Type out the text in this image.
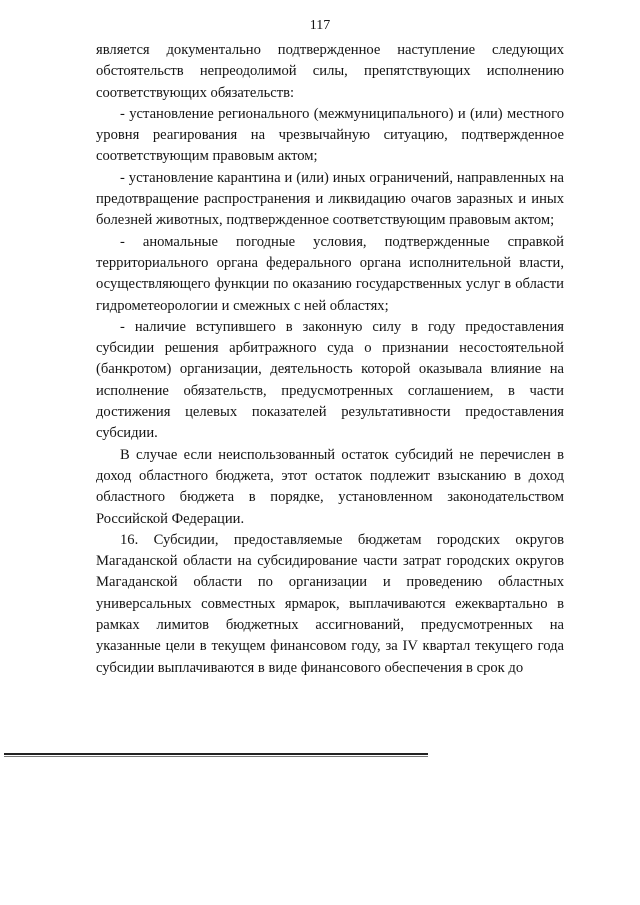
117

является документально подтвержденное наступление следующих обстоятельств непреодолимой силы, препятствующих исполнению соответствующих обязательств:

- установление регионального (межмуниципального) и (или) местного уровня реагирования на чрезвычайную ситуацию, подтвержденное соответствующим правовым актом;

- установление карантина и (или) иных ограничений, направленных на предотвращение распространения и ликвидацию очагов заразных и иных болезней животных, подтвержденное соответствующим правовым актом;

- аномальные погодные условия, подтвержденные справкой территориального органа федерального органа исполнительной власти, осуществляющего функции по оказанию государственных услуг в области гидрометеорологии и смежных с ней областях;

- наличие вступившего в законную силу в году предоставления субсидии решения арбитражного суда о признании несостоятельной (банкротом) организации, деятельность которой оказывала влияние на исполнение обязательств, предусмотренных соглашением, в части достижения целевых показателей результативности предоставления субсидии.

В случае если неиспользованный остаток субсидий не перечислен в доход областного бюджета, этот остаток подлежит взысканию в доход областного бюджета в порядке, установленном законодательством Российской Федерации.

16. Субсидии, предоставляемые бюджетам городских округов Магаданской области на субсидирование части затрат городских округов Магаданской области по организации и проведению областных универсальных совместных ярмарок, выплачиваются ежеквартально в рамках лимитов бюджетных ассигнований, предусмотренных на указанные цели в текущем финансовом году, за IV квартал текущего года субсидии выплачиваются в виде финансового обеспечения в срок до
